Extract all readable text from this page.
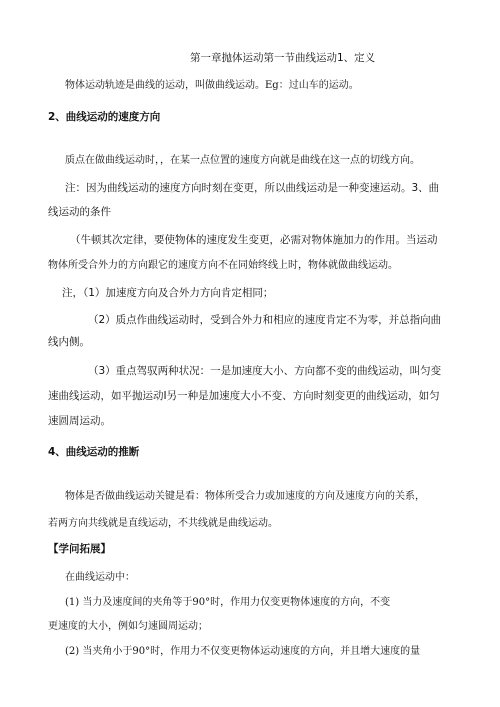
第一章抛体运动第一节曲线运动1、定义
物体运动轨迹是曲线的运动，叫做曲线运动。Eg：过山车的运动。
2、曲线运动的速度方向
质点在做曲线运动时，，在某一点位置的速度方向就是曲线在这一点的切线方向。
注：因为曲线运动的速度方向时刻在变更，所以曲线运动是一种变速运动。3、曲
线运动的条件
（牛顿其次定律，要使物体的速度发生变更，必需对物体施加力的作用。当运动
物体所受合外力的方向跟它的速度方向不在同始终线上时，物体就做曲线运动。
注，（1）加速度方向及合外力方向肯定相同；
（2）质点作曲线运动时，受到合外力和相应的速度肯定不为零，并总指向曲
线内侧。
（3）重点驾驭两种状况：一是加速度大小、方向都不变的曲线运动，叫匀变
速曲线运动，如平抛运动I另一种是加速度大小不变、方向时刻变更的曲线运动，如匀
速圆周运动。
4、曲线运动的推断
物体是否做曲线运动关键是看：物体所受合力或加速度的方向及速度方向的关系，
若两方向共线就是直线运动，不共线就是曲线运动。
【学问拓展】
在曲线运动中：
(1) 当力及速度间的夹角等于90°时，作用力仅变更物体速度的方向，不变
更速度的大小，例如匀速圆周运动；
(2) 当夹角小于90°时，作用力不仅变更物体运动速度的方向，并且增大速度的量
